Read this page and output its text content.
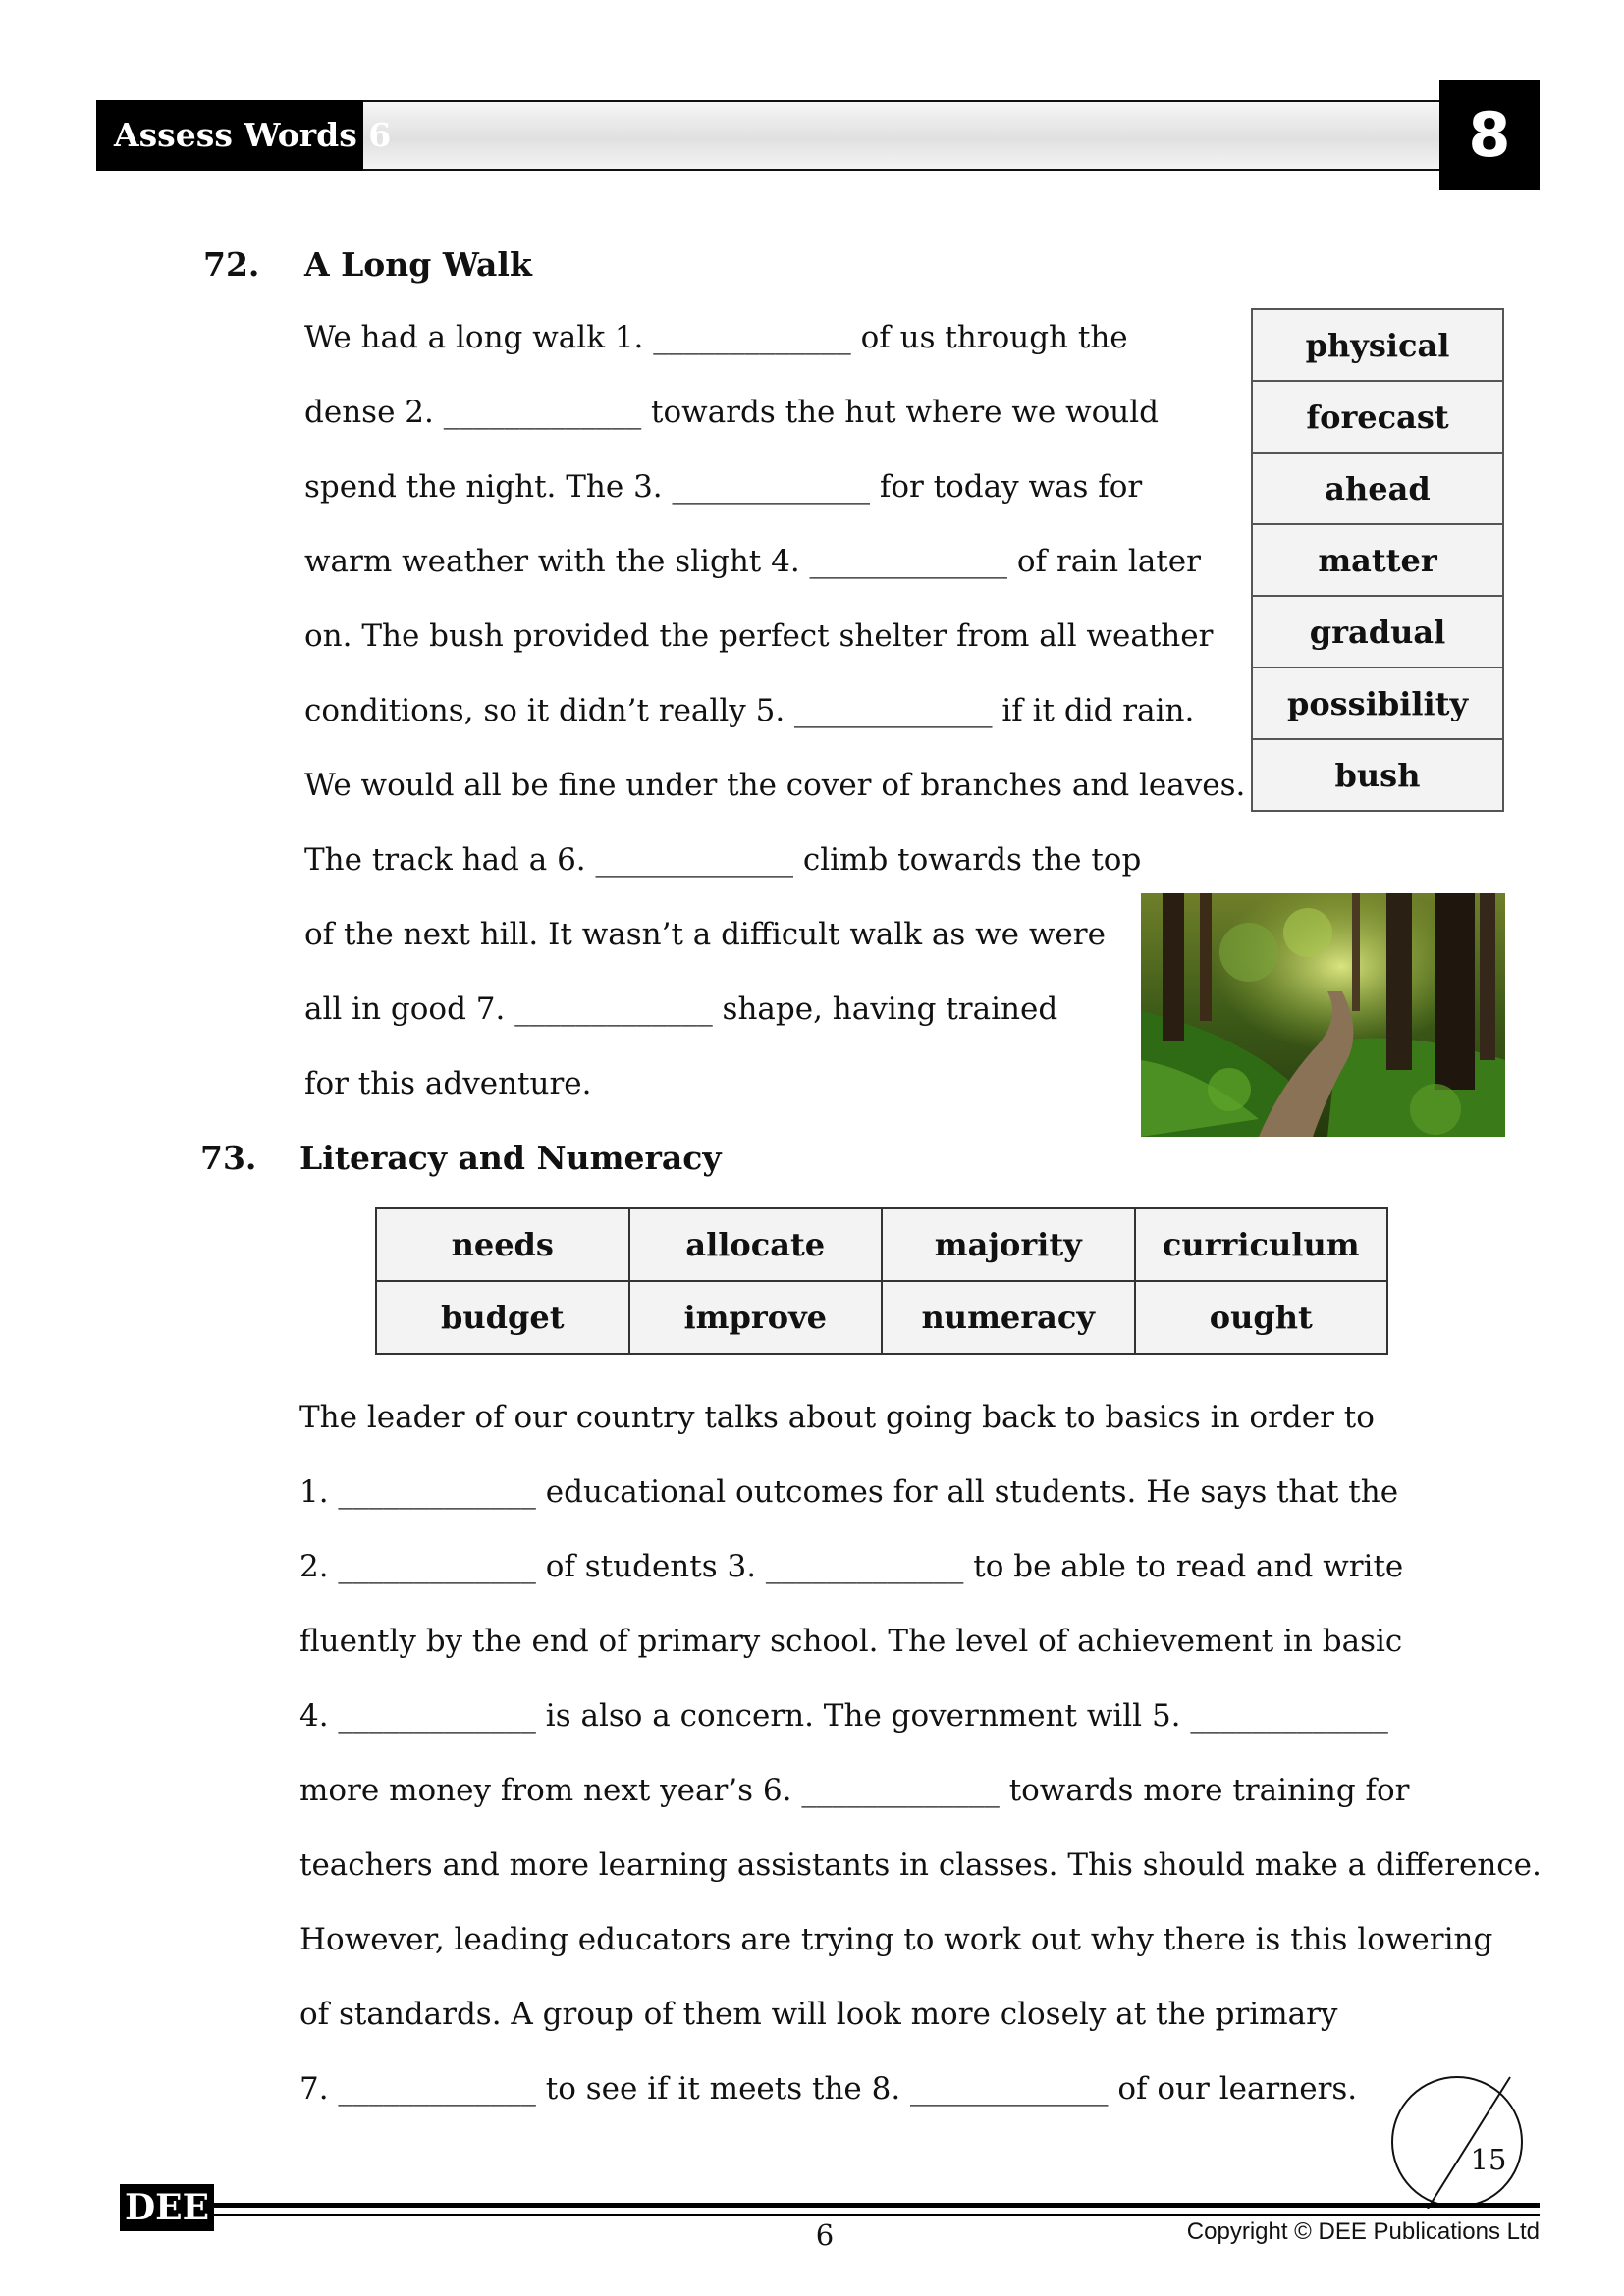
Assess Words 6	8
72. A Long Walk
We had a long walk 1. _____________ of us through the
dense 2. _____________ towards the hut where we would
spend the night. The 3. _____________ for today was for
warm weather with the slight 4. _____________ of rain later
on. The bush provided the perfect shelter from all weather
conditions, so it didn’t really 5. _____________ if it did rain.
We would all be fine under the cover of branches and leaves.
The track had a 6. _____________ climb towards the top
of the next hill. It wasn’t a difficult walk as we were
all in good 7. _____________ shape, having trained
for this adventure.
physical
forecast
ahead
matter
gradual
possibility
bush
73. Literacy and Numeracy
needs	allocate	majority	curriculum
budget	improve	numeracy	ought
The leader of our country talks about going back to basics in order to
1. _____________ educational outcomes for all students. He says that the
2. _____________ of students 3. _____________ to be able to read and write
fluently by the end of primary school. The level of achievement in basic
4. _____________ is also a concern. The government will 5. _____________
more money from next year’s 6. _____________ towards more training for
teachers and more learning assistants in classes. This should make a difference.
However, leading educators are trying to work out why there is this lowering
of standards. A group of them will look more closely at the primary
7. _____________ to see if it meets the 8. _____________ of our learners.
15
DEE
6	Copyright © DEE Publications Ltd
